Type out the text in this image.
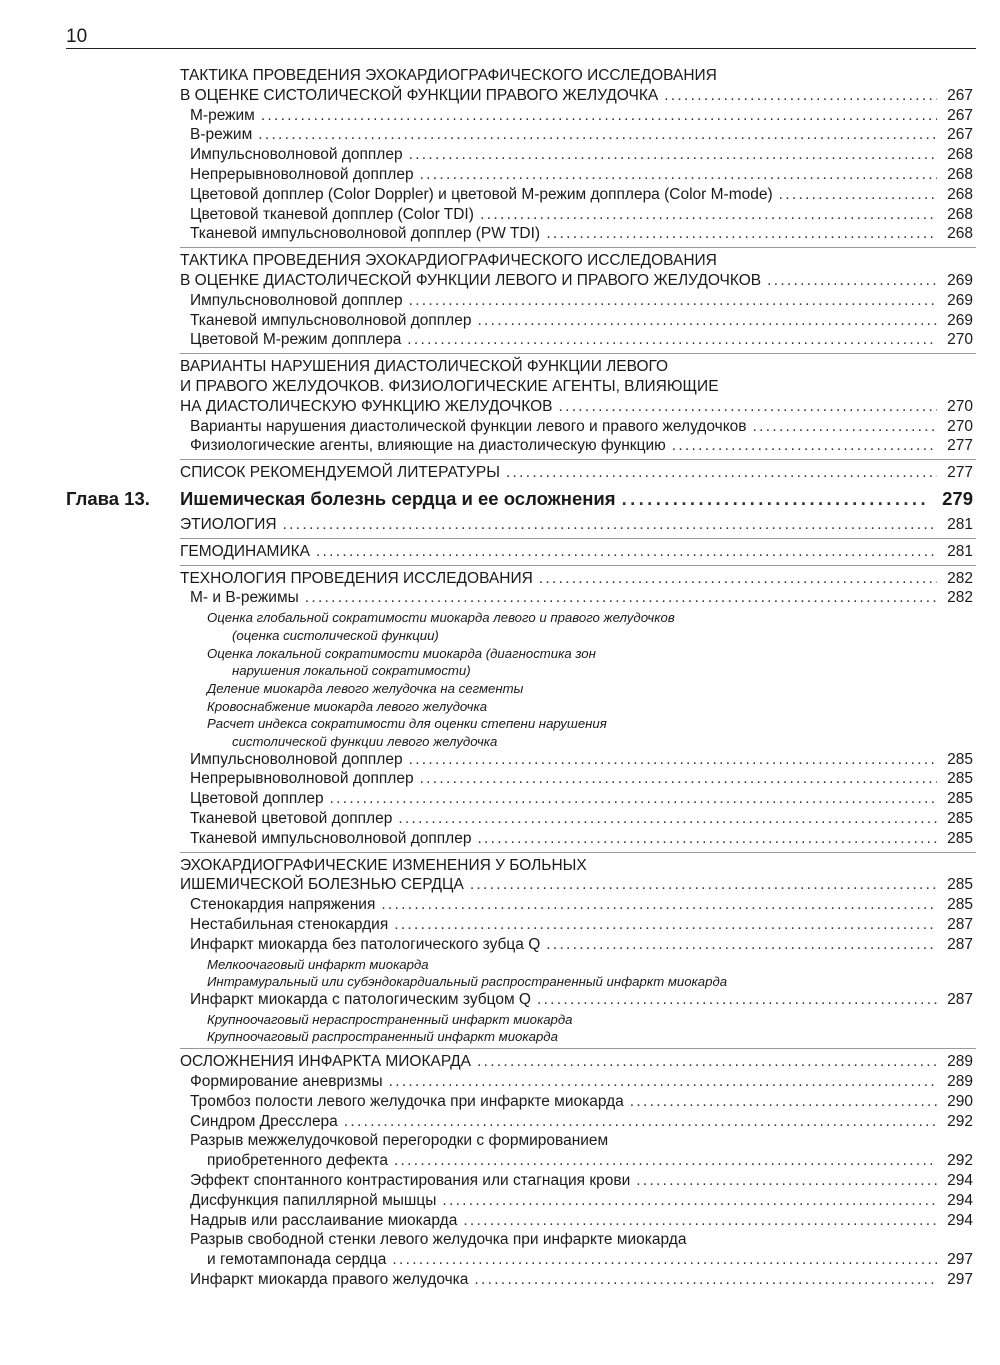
10
ТАКТИКА ПРОВЕДЕНИЯ ЭХОКАРДИОГРАФИЧЕСКОГО ИССЛЕДОВАНИЯ
В ОЦЕНКЕ СИСТОЛИЧЕСКОЙ ФУНКЦИИ ПРАВОГО ЖЕЛУДОЧКА .....	267
М-режим .....	267
В-режим .....	267
Импульсноволновой допплер .....	268
Непрерывноволновой допплер .....	268
Цветовой допплер (Color Doppler) и цветовой М-режим допплера (Color M-mode) .....	268
Цветовой тканевой допплер (Color TDI) .....	268
Тканевой импульсноволновой допплер (PW TDI) .....	268
ТАКТИКА ПРОВЕДЕНИЯ ЭХОКАРДИОГРАФИЧЕСКОГО ИССЛЕДОВАНИЯ
В ОЦЕНКЕ ДИАСТОЛИЧЕСКОЙ ФУНКЦИИ ЛЕВОГО И ПРАВОГО ЖЕЛУДОЧКОВ .....	269
Импульсноволновой допплер .....	269
Тканевой импульсноволновой допплер .....	269
Цветовой М-режим допплера .....	270
ВАРИАНТЫ НАРУШЕНИЯ ДИАСТОЛИЧЕСКОЙ ФУНКЦИИ ЛЕВОГО
И ПРАВОГО ЖЕЛУДОЧКОВ. ФИЗИОЛОГИЧЕСКИЕ АГЕНТЫ, ВЛИЯЮЩИЕ
НА ДИАСТОЛИЧЕСКУЮ ФУНКЦИЮ ЖЕЛУДОЧКОВ .....	270
Варианты нарушения диастолической функции левого и правого желудочков .....	270
Физиологические агенты, влияющие на диастолическую функцию .....	277
СПИСОК РЕКОМЕНДУЕМОЙ ЛИТЕРАТУРЫ .....	277
Глава 13. Ишемическая болезнь сердца и ее осложнения .....	279
ЭТИОЛОГИЯ .....	281
ГЕМОДИНАМИКА .....	281
ТЕХНОЛОГИЯ ПРОВЕДЕНИЯ ИССЛЕДОВАНИЯ .....	282
М- и В-режимы .....	282
Оценка глобальной сократимости миокарда левого и правого желудочков
(оценка систолической функции)
Оценка локальной сократимости миокарда (диагностика зон
нарушения локальной сократимости)
Деление миокарда левого желудочка на сегменты
Кровоснабжение миокарда левого желудочка
Расчет индекса сократимости для оценки степени нарушения
систолической функции левого желудочка
Импульсноволновой допплер .....	285
Непрерывноволновой допплер .....	285
Цветовой допплер .....	285
Тканевой цветовой допплер .....	285
Тканевой импульсноволновой допплер .....	285
ЭХОКАРДИОГРАФИЧЕСКИЕ ИЗМЕНЕНИЯ У БОЛЬНЫХ
ИШЕМИЧЕСКОЙ БОЛЕЗНЬЮ СЕРДЦА .....	285
Стенокардия напряжения .....	285
Нестабильная стенокардия .....	287
Инфаркт миокарда без патологического зубца Q .....	287
Мелкоочаговый инфаркт миокарда
Интрамуральный или субэндокардиальный распространенный инфаркт миокарда
Инфаркт миокарда с патологическим зубцом Q .....	287
Крупноочаговый нераспространенный инфаркт миокарда
Крупноочаговый распространенный инфаркт миокарда
ОСЛОЖНЕНИЯ ИНФАРКТА МИОКАРДА .....	289
Формирование аневризмы .....	289
Тромбоз полости левого желудочка при инфаркте миокарда .....	290
Синдром Дресслера .....	292
Разрыв межжелудочковой перегородки с формированием
приобретенного дефекта .....	292
Эффект спонтанного контрастирования или стагнация крови .....	294
Дисфункция папиллярной мышцы .....	294
Надрыв или расслаивание миокарда .....	294
Разрыв свободной стенки левого желудочка при инфаркте миокарда
и гемотампонада сердца .....	297
Инфаркт миокарда правого желудочка .....	297
